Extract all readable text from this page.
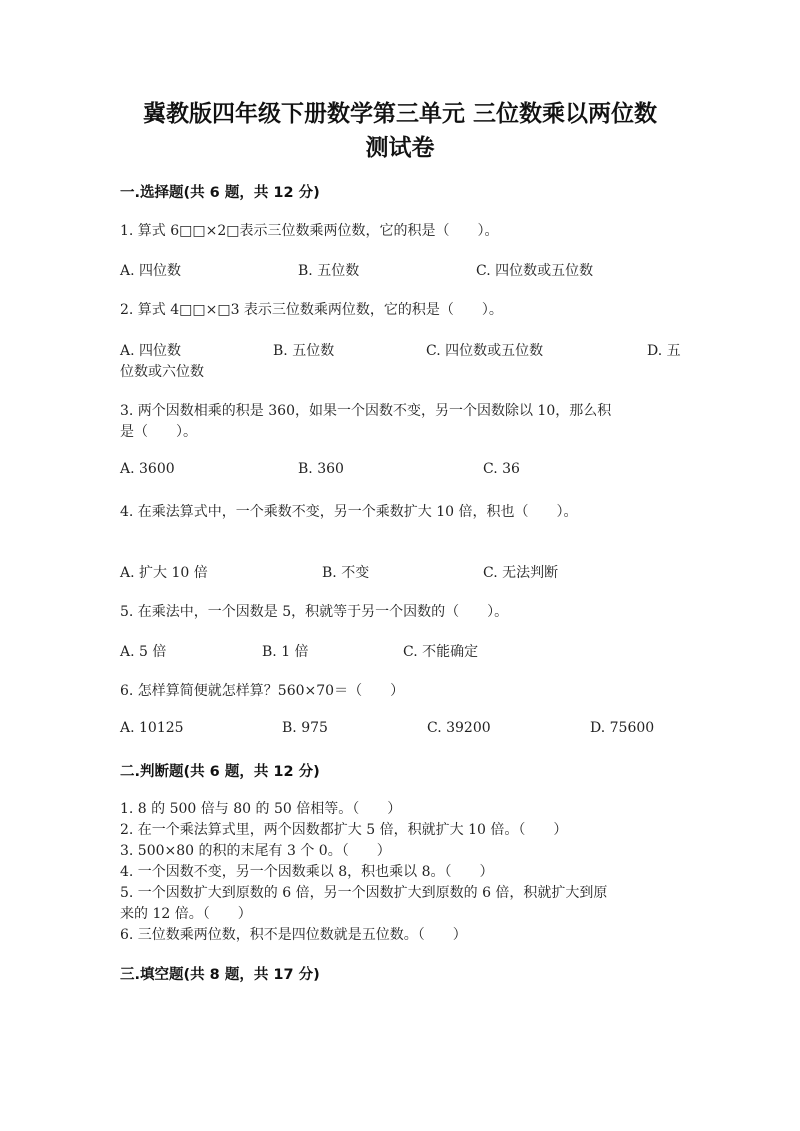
冀教版四年级下册数学第三单元 三位数乘以两位数
测试卷
一.选择题(共 6 题，共 12 分)
1. 算式 6□□×2□表示三位数乘两位数，它的积是（　　）。
A. 四位数	B. 五位数	C. 四位数或五位数
2. 算式 4□□×□3 表示三位数乘两位数，它的积是（　　）。
A. 四位数	B. 五位数	C. 四位数或五位数	D. 五
位数或六位数
3. 两个因数相乘的积是 360，如果一个因数不变，另一个因数除以 10，那么积
是（　　）。
A. 3600	B. 360	C. 36
4. 在乘法算式中，一个乘数不变，另一个乘数扩大 10 倍，积也（　　）。
A. 扩大 10 倍	B. 不变	C. 无法判断
5. 在乘法中，一个因数是 5，积就等于另一个因数的（　　）。
A. 5 倍	B. 1 倍	C. 不能确定
6. 怎样算简便就怎样算？560×70＝（　　）
A. 10125	B. 975	C. 39200	D. 75600
二.判断题(共 6 题，共 12 分)
1. 8 的 500 倍与 80 的 50 倍相等。（　　）
2. 在一个乘法算式里，两个因数都扩大 5 倍，积就扩大 10 倍。（　　）
3. 500×80 的积的末尾有 3 个 0。（　　）
4. 一个因数不变，另一个因数乘以 8，积也乘以 8。（　　）
5. 一个因数扩大到原数的 6 倍，另一个因数扩大到原数的 6 倍，积就扩大到原
来的 12 倍。（　　）
6. 三位数乘两位数，积不是四位数就是五位数。（　　）
三.填空题(共 8 题，共 17 分)
